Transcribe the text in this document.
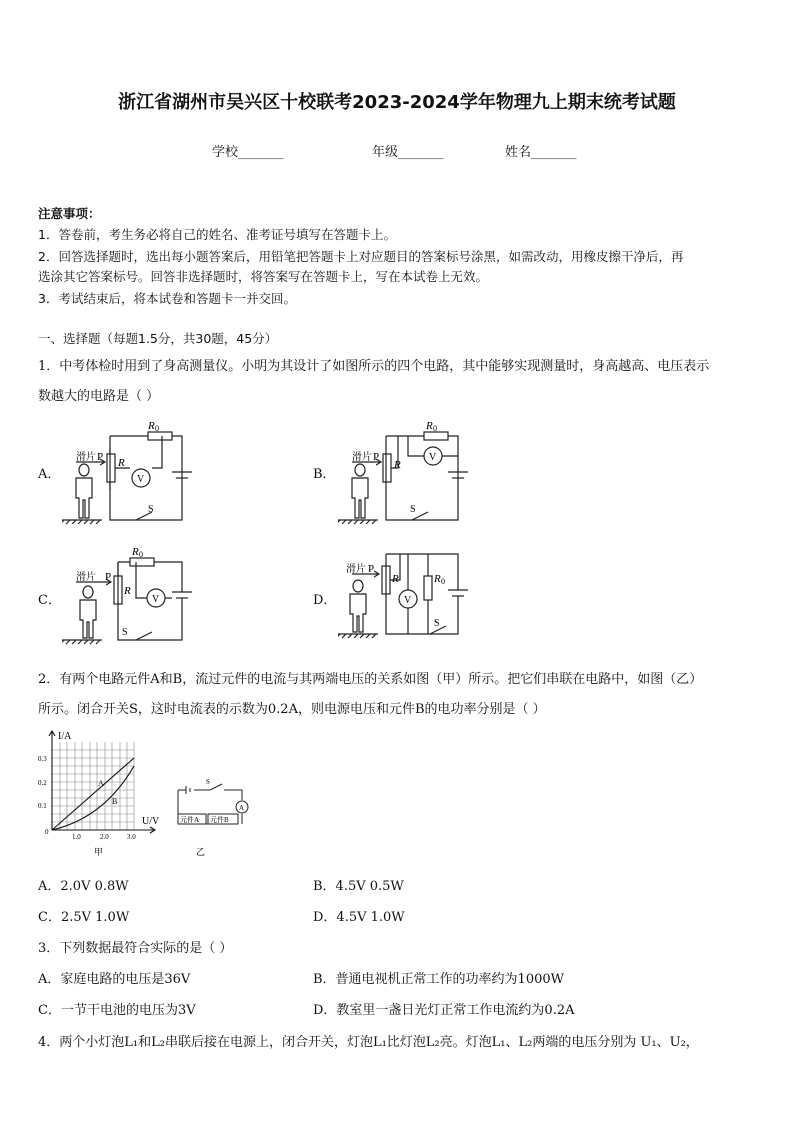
浙江省湖州市吴兴区十校联考2023-2024学年物理九上期末统考试题
学校_______	年级_______	姓名_______
注意事项：
1．答卷前，考生务必将自己的姓名、准考证号填写在答题卡上。
2．回答选择题时，选出每小题答案后，用铅笔把答题卡上对应题目的答案标号涂黑，如需改动，用橡皮擦干净后，再
选涂其它答案标号。回答非选择题时，将答案写在答题卡上，写在本试卷上无效。
3．考试结束后，将本试卷和答题卡一并交回。
一、选择题（每题1.5分，共30题，45分）
1．中考体检时用到了身高测量仪。小明为其设计了如图所示的四个电路，其中能够实现测量时，身高越高、电压表示
数越大的电路是（ ）
A．	B．
C．	D．
R 0
滑片 P R
V
S
R 0
滑片 P
R
V
S
R 0
滑片 P
R
V
S
滑片 P
R	R 0
V
S
2．有两个电路元件A和B，流过元件的电流与其两端电压的关系如图（甲）所示。把它们串联在电路中，如图（乙）
所示。闭合开关S，这时电流表的示数为0.2A，则电源电压和元件B的电功率分别是（ ）
I/A
U/V
0.3
0.2
0.1
0
1.0	2.0	3.0
A
B
甲
S
A
元件A 元件B
乙
A．2.0V 0.8W	B．4.5V 0.5W
C．2.5V 1.0W	D．4.5V 1.0W
3．下列数据最符合实际的是（ ）
A．家庭电路的电压是36V	B．普通电视机正常工作的功率约为1000W
C．一节干电池的电压为3V	D．教室里一盏日光灯正常工作电流约为0.2A
4．两个小灯泡L₁和L₂串联后接在电源上，闭合开关，灯泡L₁比灯泡L₂亮。灯泡L₁、L₂两端的电压分别为 U₁、U₂，
